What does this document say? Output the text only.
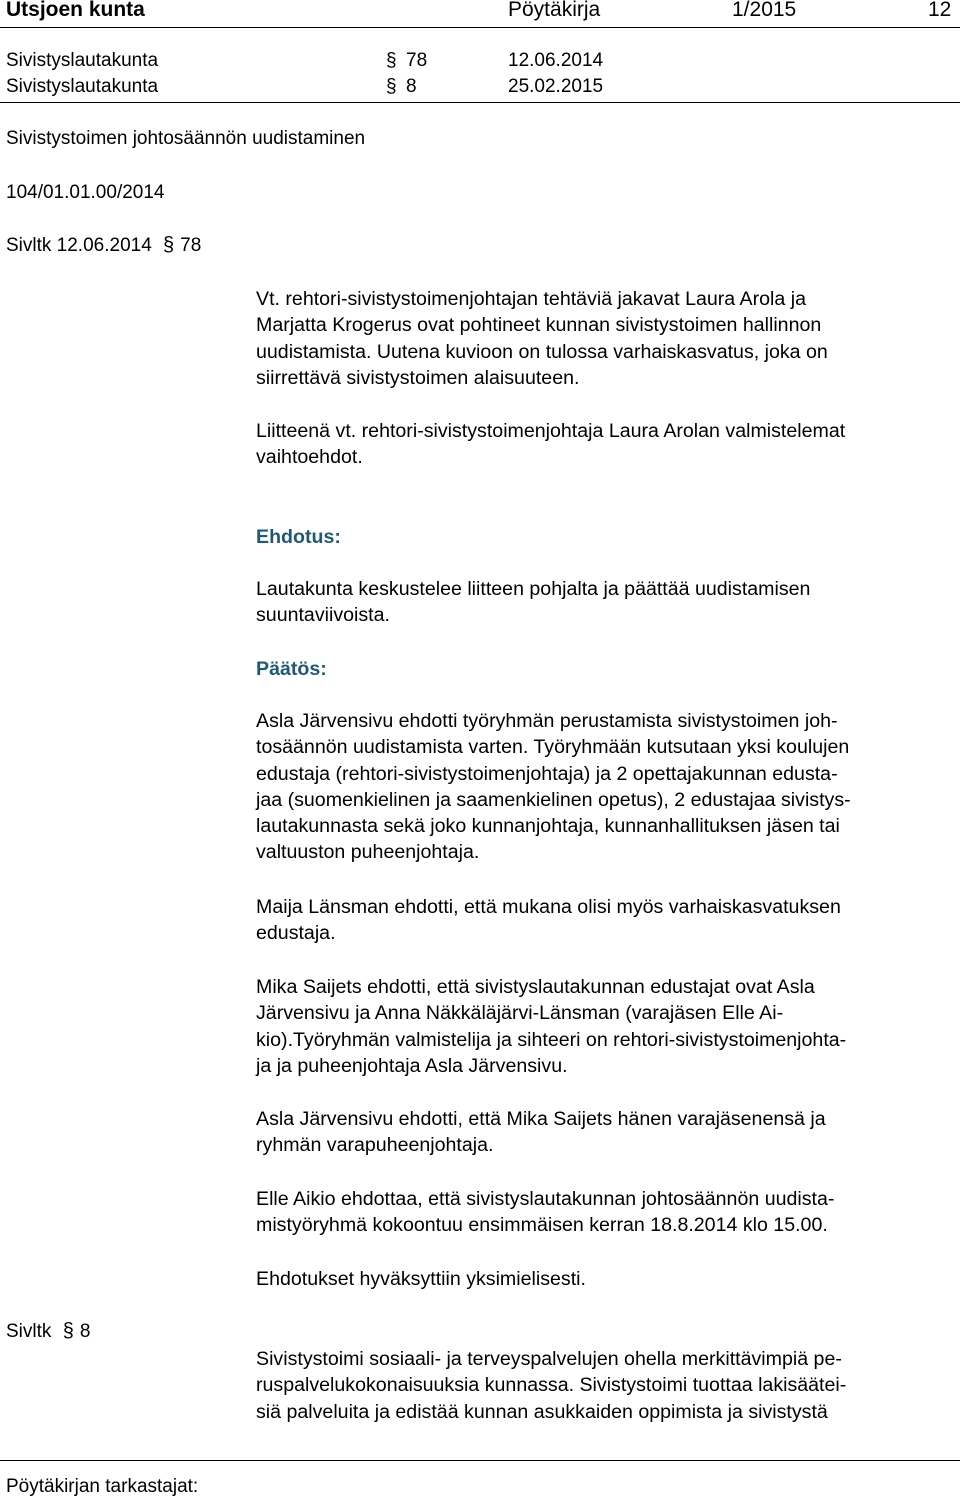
Utsjoen kunta	Pöytäkirja	1/2015	12
Sivistyslautakunta	§ 78	12.06.2014
Sivistyslautakunta	§ 8	25.02.2015
Sivistystoimen johtosäännön uudistaminen
104/01.01.00/2014
Sivltk 12.06.2014 § 78
Vt. rehtori-sivistystoimenjohtajan tehtäviä jakavat Laura Arola ja
Marjatta Krogerus ovat pohtineet kunnan sivistystoimen hallinnon
uudistamista. Uutena kuvioon on tulossa varhaiskasvatus, joka on
siirrettävä sivistystoimen alaisuuteen.
Liitteenä vt. rehtori-sivistystoimenjohtaja Laura Arolan valmistelemat
vaihtoehdot.
Ehdotus:
Lautakunta keskustelee liitteen pohjalta ja päättää uudistamisen
suuntaviivoista.
Päätös:
Asla Järvensivu ehdotti työryhmän perustamista sivistystoimen joh-
tosäännön uudistamista varten. Työryhmään kutsutaan yksi koulujen
edustaja (rehtori-sivistystoimenjohtaja) ja 2 opettajakunnan edusta-
jaa (suomenkielinen ja saamenkielinen opetus), 2 edustajaa sivistys-
lautakunnasta sekä joko kunnanjohtaja, kunnanhallituksen jäsen tai
valtuuston puheenjohtaja.
Maija Länsman ehdotti, että mukana olisi myös varhaiskasvatuksen
edustaja.
Mika Saijets ehdotti, että sivistyslautakunnan edustajat ovat Asla
Järvensivu ja Anna Näkkäläjärvi-Länsman (varajäsen Elle Ai-
kio).Työryhmän valmistelija ja sihteeri on rehtori-sivistystoimenjohta-
ja ja puheenjohtaja Asla Järvensivu.
Asla Järvensivu ehdotti, että Mika Saijets hänen varajäsenensä ja
ryhmän varapuheenjohtaja.
Elle Aikio ehdottaa, että sivistyslautakunnan johtosäännön uudista-
mistyöryhmä kokoontuu ensimmäisen kerran 18.8.2014 klo 15.00.
Ehdotukset hyväksyttiin yksimielisesti.
Sivltk § 8
Sivistystoimi sosiaali- ja terveyspalvelujen ohella merkittävimpiä pe-
ruspalvelukokonaisuuksia kunnassa. Sivistystoimi tuottaa lakisäätei-
siä palveluita ja edistää kunnan asukkaiden oppimista ja sivistystä
Pöytäkirjan tarkastajat:
